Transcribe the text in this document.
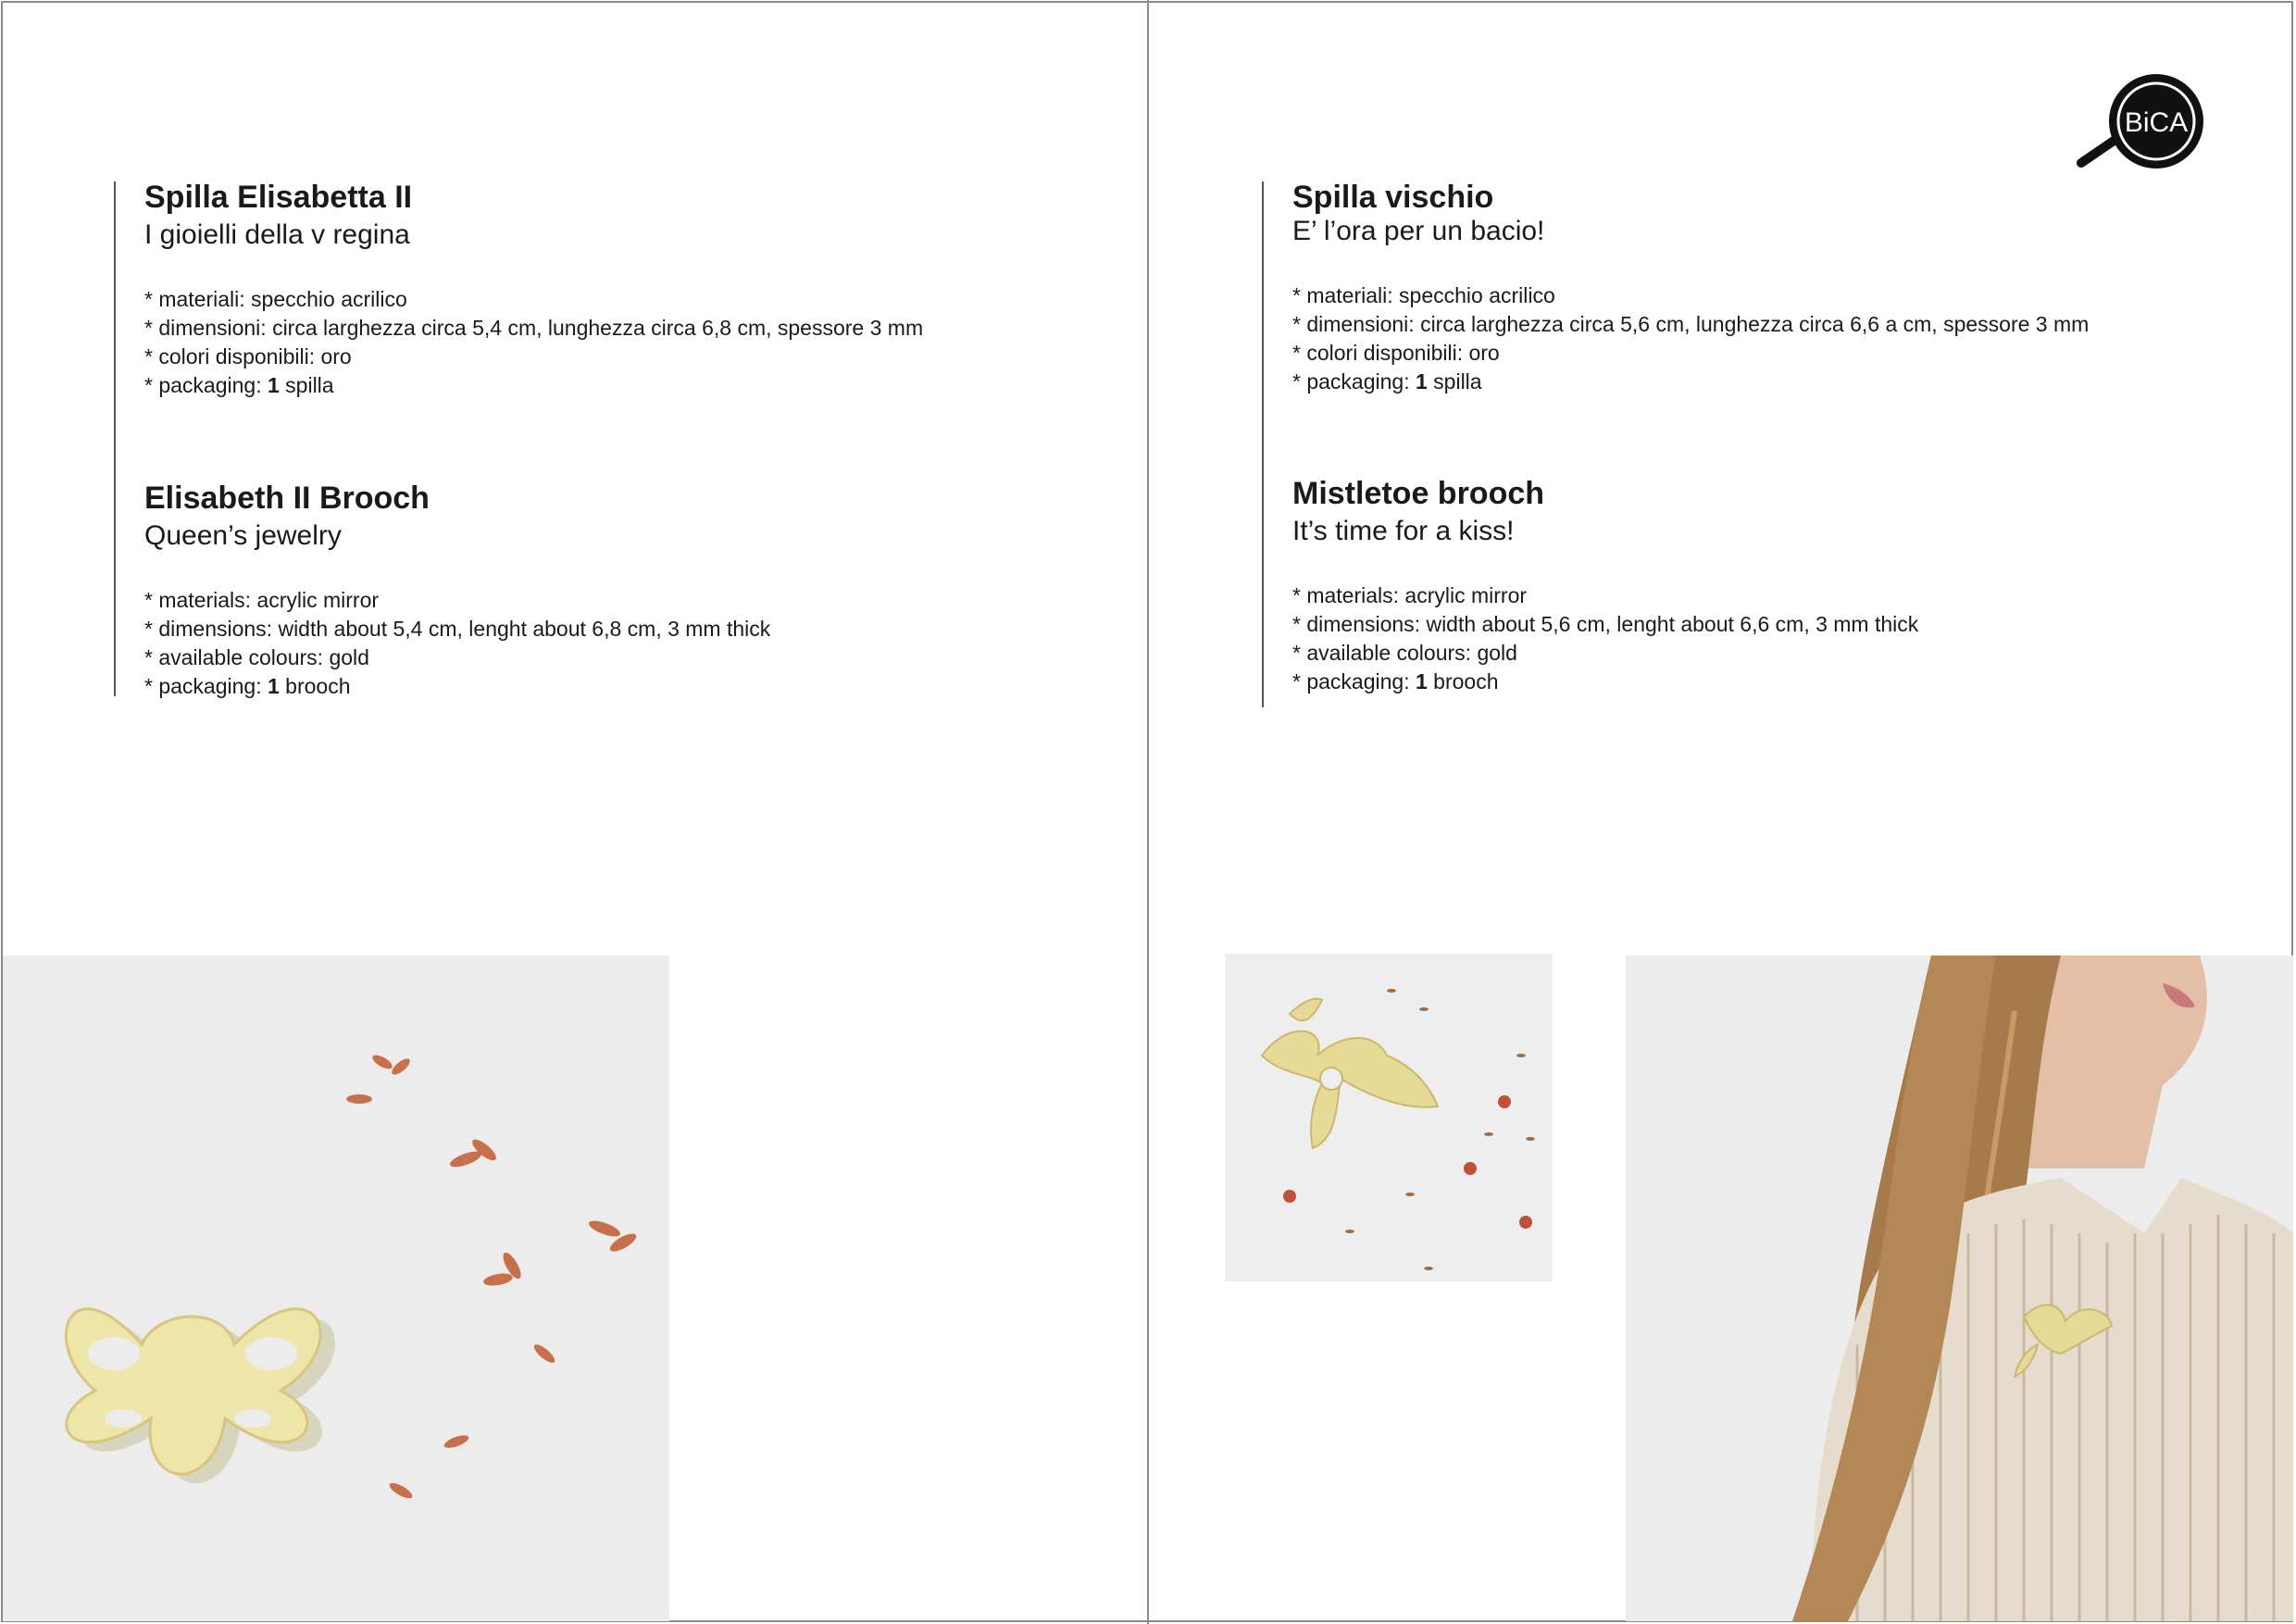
Spilla Elisabetta II

I gioielli della v regina

* materiali: specchio acrilico
* dimensioni: circa larghezza circa 5,4 cm, lunghezza circa 6,8 cm, spessore 3 mm
* colori disponibili: oro
* packaging: 1 spilla
Elisabeth II Brooch

Queen’s jewelry

* materials: acrylic mirror
* dimensions: width about 5,4 cm, lenght about 6,8 cm, 3 mm thick
* available colours: gold
* packaging: 1 brooch
Spilla vischio

E’ l’ora per un bacio!

* materiali: specchio acrilico
* dimensioni: circa larghezza circa 5,6 cm, lunghezza circa 6,6 a cm, spessore 3 mm
* colori disponibili: oro
* packaging: 1 spilla
Mistletoe brooch

It’s time for a kiss!

* materials: acrylic mirror
* dimensions: width about 5,6 cm, lenght about 6,6 cm, 3 mm thick
* available colours: gold
* packaging: 1 brooch
BiCA
